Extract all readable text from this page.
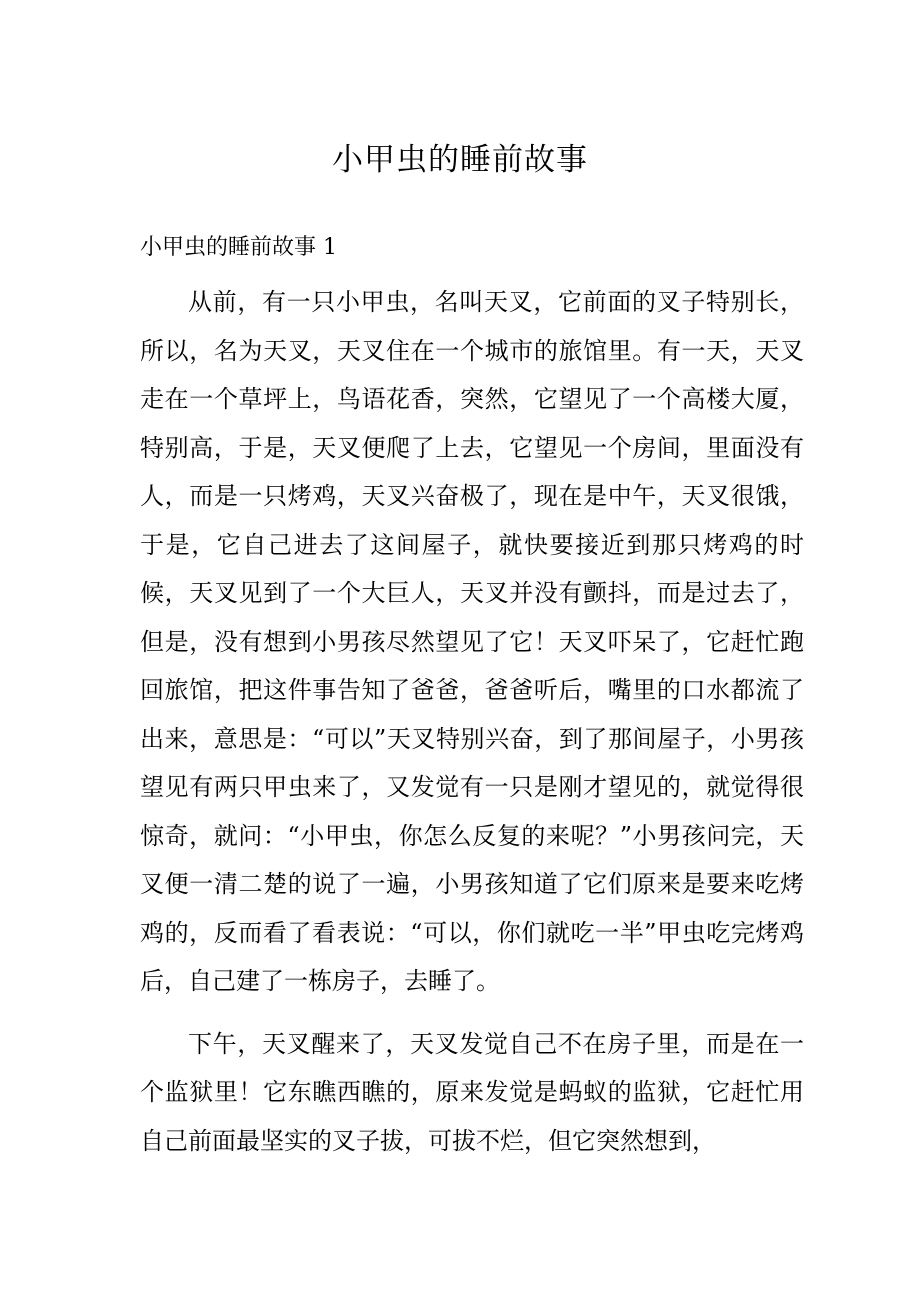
小甲虫的睡前故事
小甲虫的睡前故事 1

从前，有一只小甲虫，名叫天叉，它前面的叉子特别长，所以，名为天叉，天叉住在一个城市的旅馆里。有一天，天叉走在一个草坪上，鸟语花香，突然，它望见了一个高楼大厦，特别高，于是，天叉便爬了上去，它望见一个房间，里面没有人，而是一只烤鸡，天叉兴奋极了，现在是中午，天叉很饿，于是，它自己进去了这间屋子，就快要接近到那只烤鸡的时候，天叉见到了一个大巨人，天叉并没有颤抖，而是过去了，但是，没有想到小男孩尽然望见了它！天叉吓呆了，它赶忙跑回旅馆，把这件事告知了爸爸，爸爸听后，嘴里的口水都流了出来，意思是：“可以”天叉特别兴奋，到了那间屋子，小男孩望见有两只甲虫来了，又发觉有一只是刚才望见的，就觉得很惊奇，就问：“小甲虫，你怎么反复的来呢？”小男孩问完，天叉便一清二楚的说了一遍，小男孩知道了它们原来是要来吃烤鸡的，反而看了看表说：“可以，你们就吃一半”甲虫吃完烤鸡后，自己建了一栋房子，去睡了。

下午，天叉醒来了，天叉发觉自己不在房子里，而是在一个监狱里！它东瞧西瞧的，原来发觉是蚂蚁的监狱，它赶忙用自己前面最坚实的叉子拔，可拔不烂，但它突然想到，
